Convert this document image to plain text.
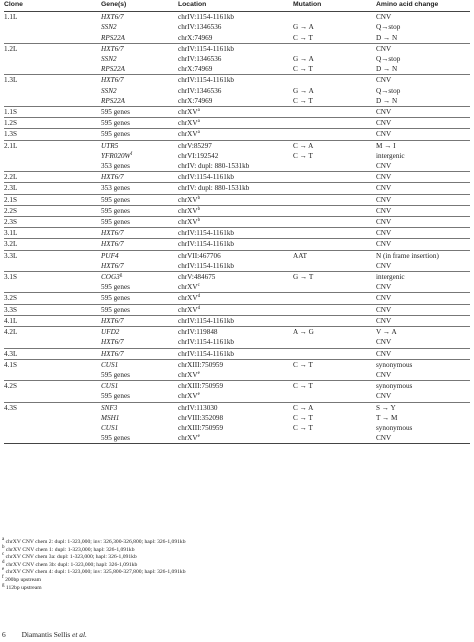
Clone	Gene(s)	Location	Mutation	Amino acid change
1.1L	HXT6/7	chrIV:1154-1161kb		CNV
	SSN2	chrIV:1346536	G → A	Q→stop
	RPS22A	chrX:74969	C → T	D → N
1.2L	HXT6/7	chrIV:1154-1161kb		CNV
	SSN2	chrIV:1346536	G → A	Q→stop
	RPS22A	chrX:74969	C → T	D → N
1.3L	HXT6/7	chrIV:1154-1161kb		CNV
	SSN2	chrIV:1346536	G → A	Q→stop
	RPS22A	chrX:74969	C → T	D → N
1.1S	595 genes	chrXV$^a$		CNV
1.2S	595 genes	chrXV$^a$		CNV
1.3S	595 genes	chrXV$^a$		CNV
2.1L	UTR5	chrV:85297	C → A	M → I
	$YFR020W^f$	chrVI:192542	C → T	intergenic
	353 genes	chrIV: dupl: 880-1531kb		CNV
2.2L	HXT6/7	chrIV:1154-1161kb		CNV
2.3L	353 genes	chrIV: dupl: 880-1531kb		CNV
2.1S	595 genes	chrXV$^b$		CNV
2.2S	595 genes	chrXV$^b$		CNV
2.3S	595 genes	chrXV$^b$		CNV
3.1L	HXT6/7	chrIV:1154-1161kb		CNV
3.2L	HXT6/7	chrIV:1154-1161kb		CNV
3.3L	PUF4	chrVII:467706	AAT	N (in frame insertion)
	HXT6/7	chrIV:1154-1161kb		CNV
3.1S	COG3$^g$	chrV:484675	G → T	intergenic
	595 genes	chrXV$^c$		CNV
3.2S	595 genes	chrXV$^d$		CNV
3.3S	595 genes	chrXV$^d$		CNV
4.1L	HXT6/7	chrIV:1154-1161kb		CNV
4.2L	UFD2	chrIV:119848	A → G	V → A
	HXT6/7	chrIV:1154-1161kb		CNV
4.3L	HXT6/7	chrIV:1154-1161kb		CNV
4.1S	CUS1	chrXIII:750959	C → T	synonymous
	595 genes	chrXV$^e$		CNV
4.2S	CUS1	chrXIII:750959	C → T	synonymous
	595 genes	chrXV$^e$		CNV
4.3S	SNF3	chrIV:113030	C → A	S → Y
	MSH1	chrVIII:352098	C → T	T → M
	CUS1	chrXIII:750959	C → T	synonymous
	595 genes	chrXV$^e$		CNV
$^a$ chrXV CNV chem 2: dupl: 1-323,000; inv: 326,300-326,800; hapl: 326-1,091kb
$^b$ chrXV CNV chem 1: dupl: 1-323,000; hapl: 326-1,091kb
$^c$ chrXV CNV chem 3a: dupl: 1-323,000; hapl: 326-1,091kb
$^d$ chrXV CNV chem 3b: dupl: 1-323,000; hapl: 326-1,091kb
$^e$ chrXV CNV chem 4: dupl: 1-323,000; inv: 325,800-327,800; hapl: 326-1,091kb
$^f$ 200bp upstream
$^g$ 112bp upstream
6 Diamantis Sellis et al.
